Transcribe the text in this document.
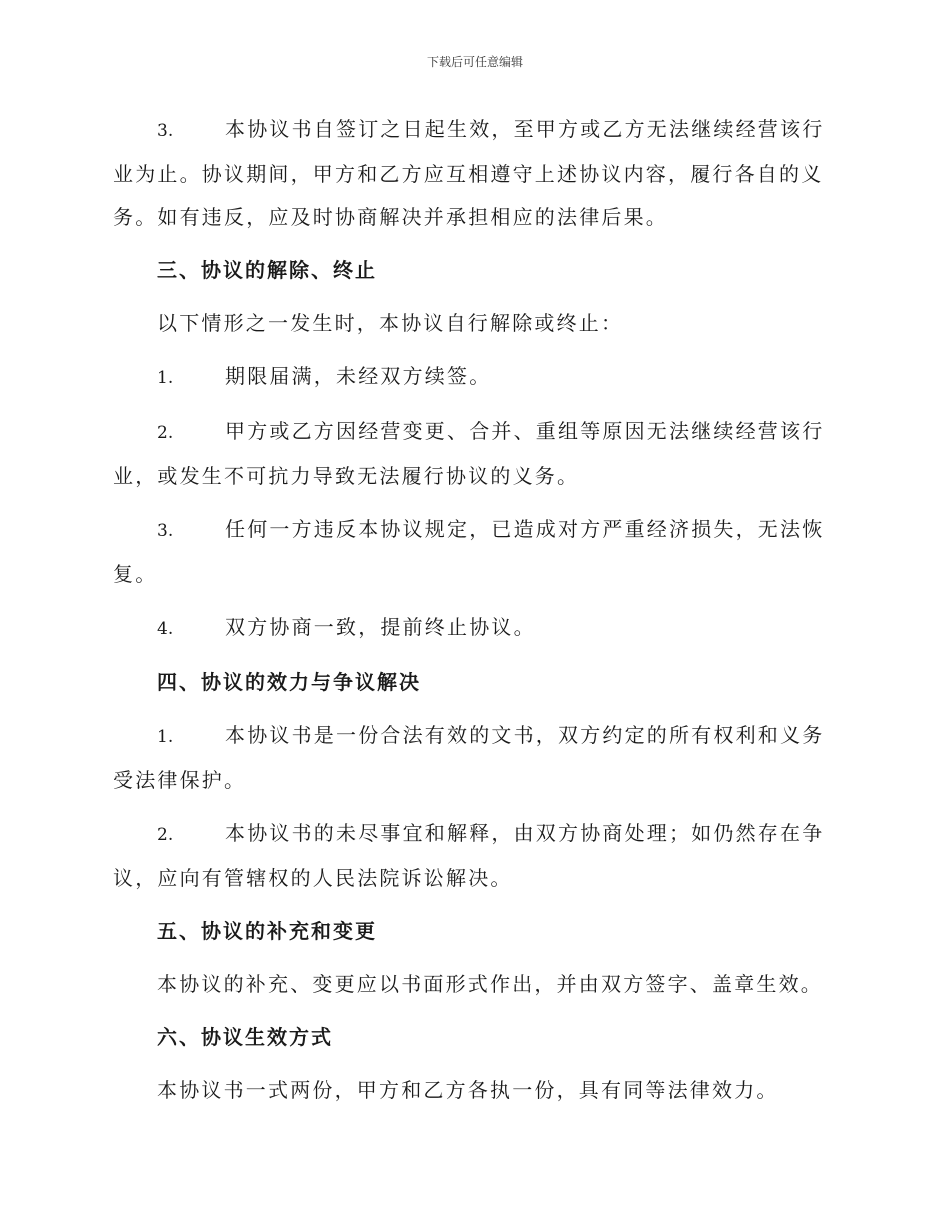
下载后可任意编辑

3.	本协议书自签订之日起生效，至甲方或乙方无法继续经营该行业为止。协议期间，甲方和乙方应互相遵守上述协议内容，履行各自的义务。如有违反，应及时协商解决并承担相应的法律后果。

三、协议的解除、终止

以下情形之一发生时，本协议自行解除或终止：

1.	期限届满，未经双方续签。

2.	甲方或乙方因经营变更、合并、重组等原因无法继续经营该行业，或发生不可抗力导致无法履行协议的义务。

3.	任何一方违反本协议规定，已造成对方严重经济损失，无法恢复。

4.	双方协商一致，提前终止协议。

四、协议的效力与争议解决

1.	本协议书是一份合法有效的文书，双方约定的所有权利和义务受法律保护。

2.	本协议书的未尽事宜和解释，由双方协商处理；如仍然存在争议，应向有管辖权的人民法院诉讼解决。

五、协议的补充和变更

本协议的补充、变更应以书面形式作出，并由双方签字、盖章生效。

六、协议生效方式

本协议书一式两份，甲方和乙方各执一份，具有同等法律效力。
